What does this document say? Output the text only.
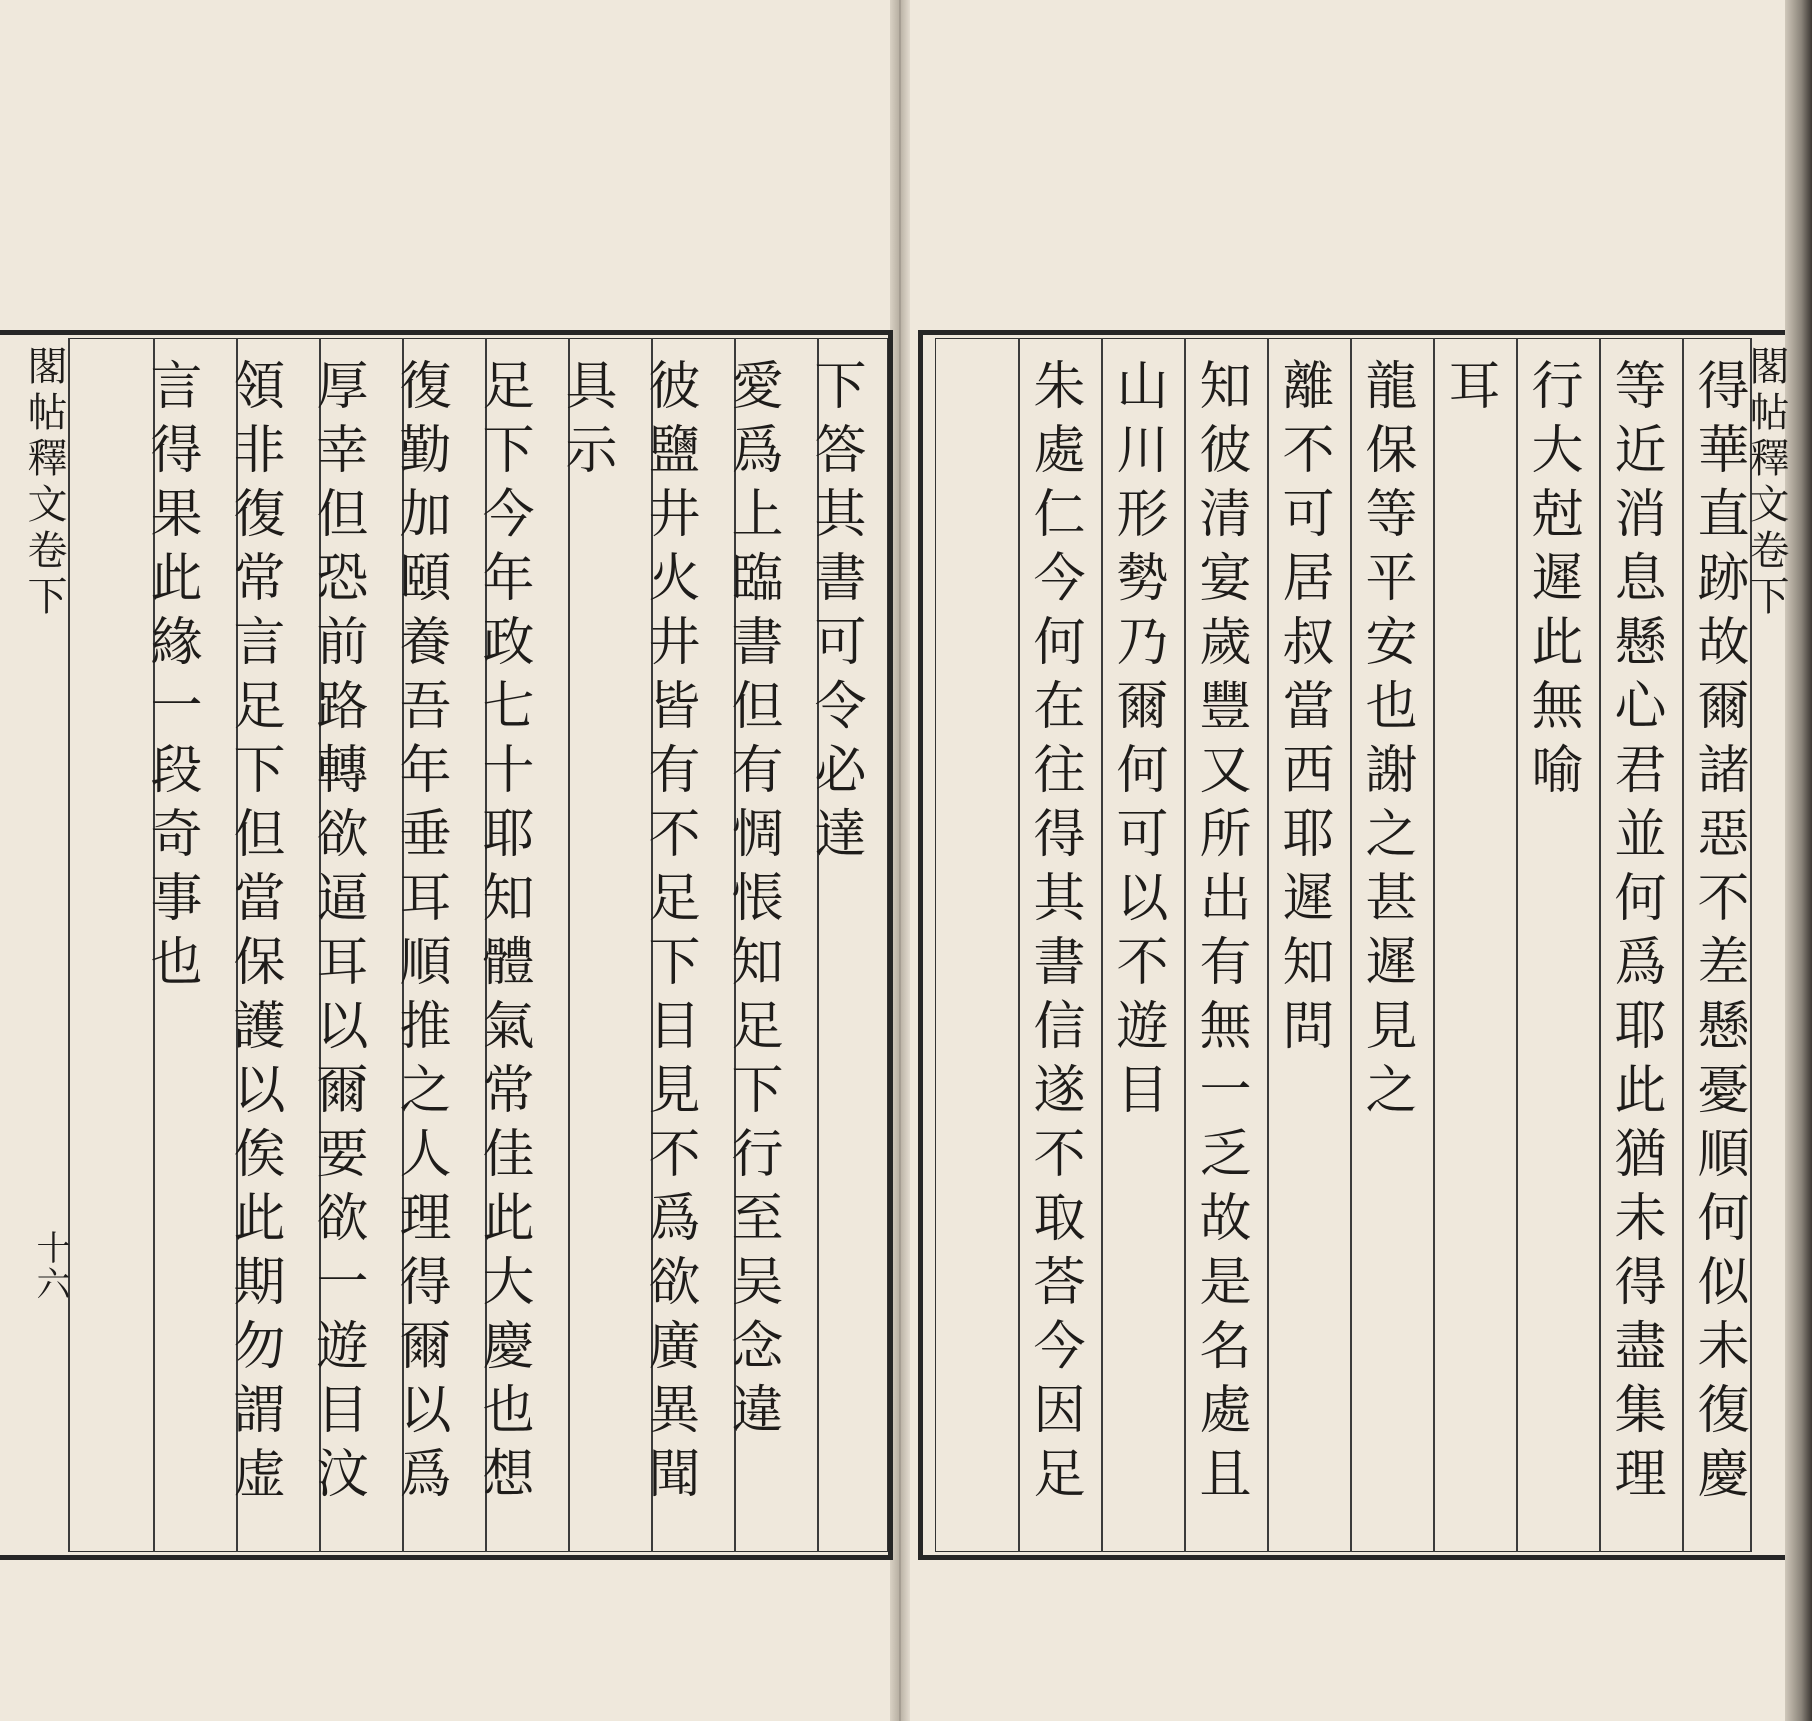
閣帖釋文卷下
十六
下答其書可令必達
愛爲上臨書但有惆悵知足下行至吴念違
彼鹽井火井皆有不足下目見不爲欲廣異聞
具示
足下今年政七十耶知體氣常佳此大慶也想
復勤加頤養吾年垂耳順推之人理得爾以爲
厚幸但恐前路轉欲逼耳以爾要欲一遊目汶
領非復常言足下但當保護以俟此期勿謂虚
言得果此緣一段奇事也	閣帖釋文卷下
得華直跡故爾諸惡不差懸憂順何似未復慶
等近消息懸心君並何爲耶此猶未得盡集理
行大尅遲此無喻
耳
龍保等平安也謝之甚遲見之
離不可居叔當西耶遲知問
知彼清宴歲豐又所出有無一乏故是名處且
山川形勢乃爾何可以不遊目
朱處仁今何在往得其書信遂不取荅今因足
